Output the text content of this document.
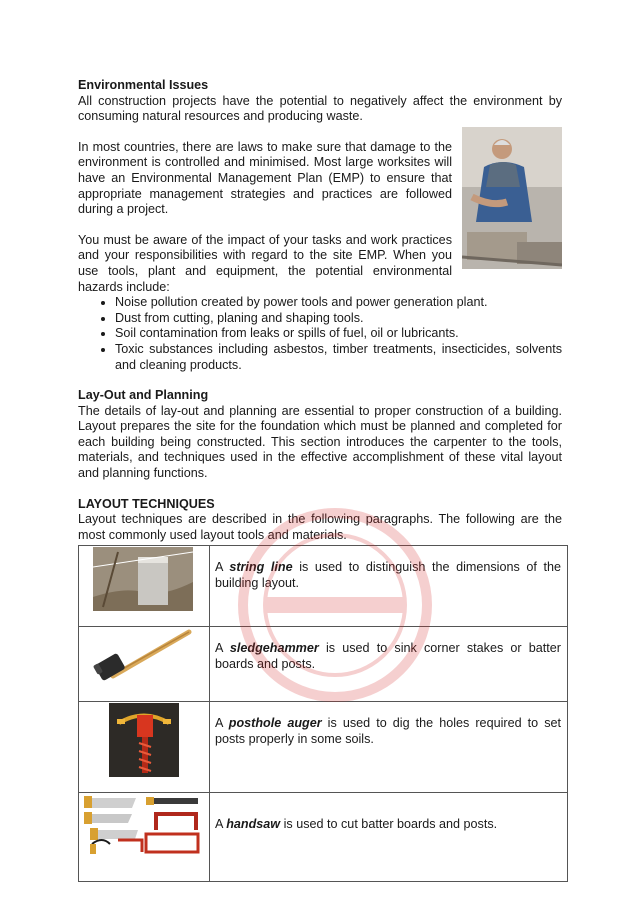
Environmental Issues

All construction projects have the potential to negatively affect the environment by consuming natural resources and producing waste.

In most countries, there are laws to make sure that damage to the environment is controlled and minimised. Most large worksites will have an Environmental Management Plan (EMP) to ensure that appropriate management strategies and practices are followed during a project.

You must be aware of the impact of your tasks and work practices and your responsibilities with regard to the site EMP. When you use tools, plant and equipment, the potential environmental hazards include:

• Noise pollution created by power tools and power generation plant.
• Dust from cutting, planing and shaping tools.
• Soil contamination from leaks or spills of fuel, oil or lubricants.
• Toxic substances including asbestos, timber treatments, insecticides, solvents and cleaning products.

Lay-Out and Planning

The details of lay-out and planning are essential to proper construction of a building. Layout prepares the site for the foundation which must be planned and completed for each building being constructed. This section introduces the carpenter to the tools, materials, and techniques used in the effective accomplishment of these vital layout and planning functions.

LAYOUT TECHNIQUES

Layout techniques are described in the following paragraphs. The following are the most commonly used layout tools and materials.

	A string line is used to distinguish the dimensions of the building layout.

	A sledgehammer is used to sink corner stakes or batter boards and posts.

	A posthole auger is used to dig the holes required to set posts properly in some soils.

	A handsaw is used to cut batter boards and posts.
